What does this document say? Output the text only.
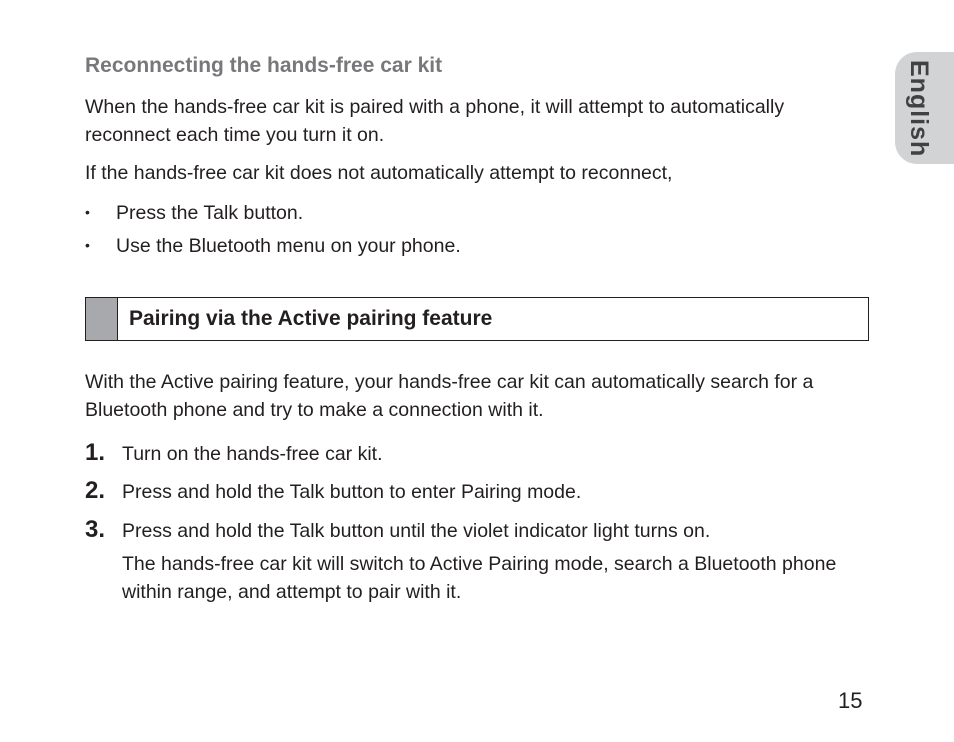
English
Reconnecting the hands-free car kit

When the hands-free car kit is paired with a phone, it will attempt to automatically reconnect each time you turn it on.

If the hands-free car kit does not automatically attempt to reconnect,

• Press the Talk button.
• Use the Bluetooth menu on your phone.
Pairing via the Active pairing feature

With the Active pairing feature, your hands-free car kit can automatically search for a Bluetooth phone and try to make a connection with it.

1. Turn on the hands-free car kit.
2. Press and hold the Talk button to enter Pairing mode.
3. Press and hold the Talk button until the violet indicator light turns on.

The hands-free car kit will switch to Active Pairing mode, search a Bluetooth phone within range, and attempt to pair with it.

15
